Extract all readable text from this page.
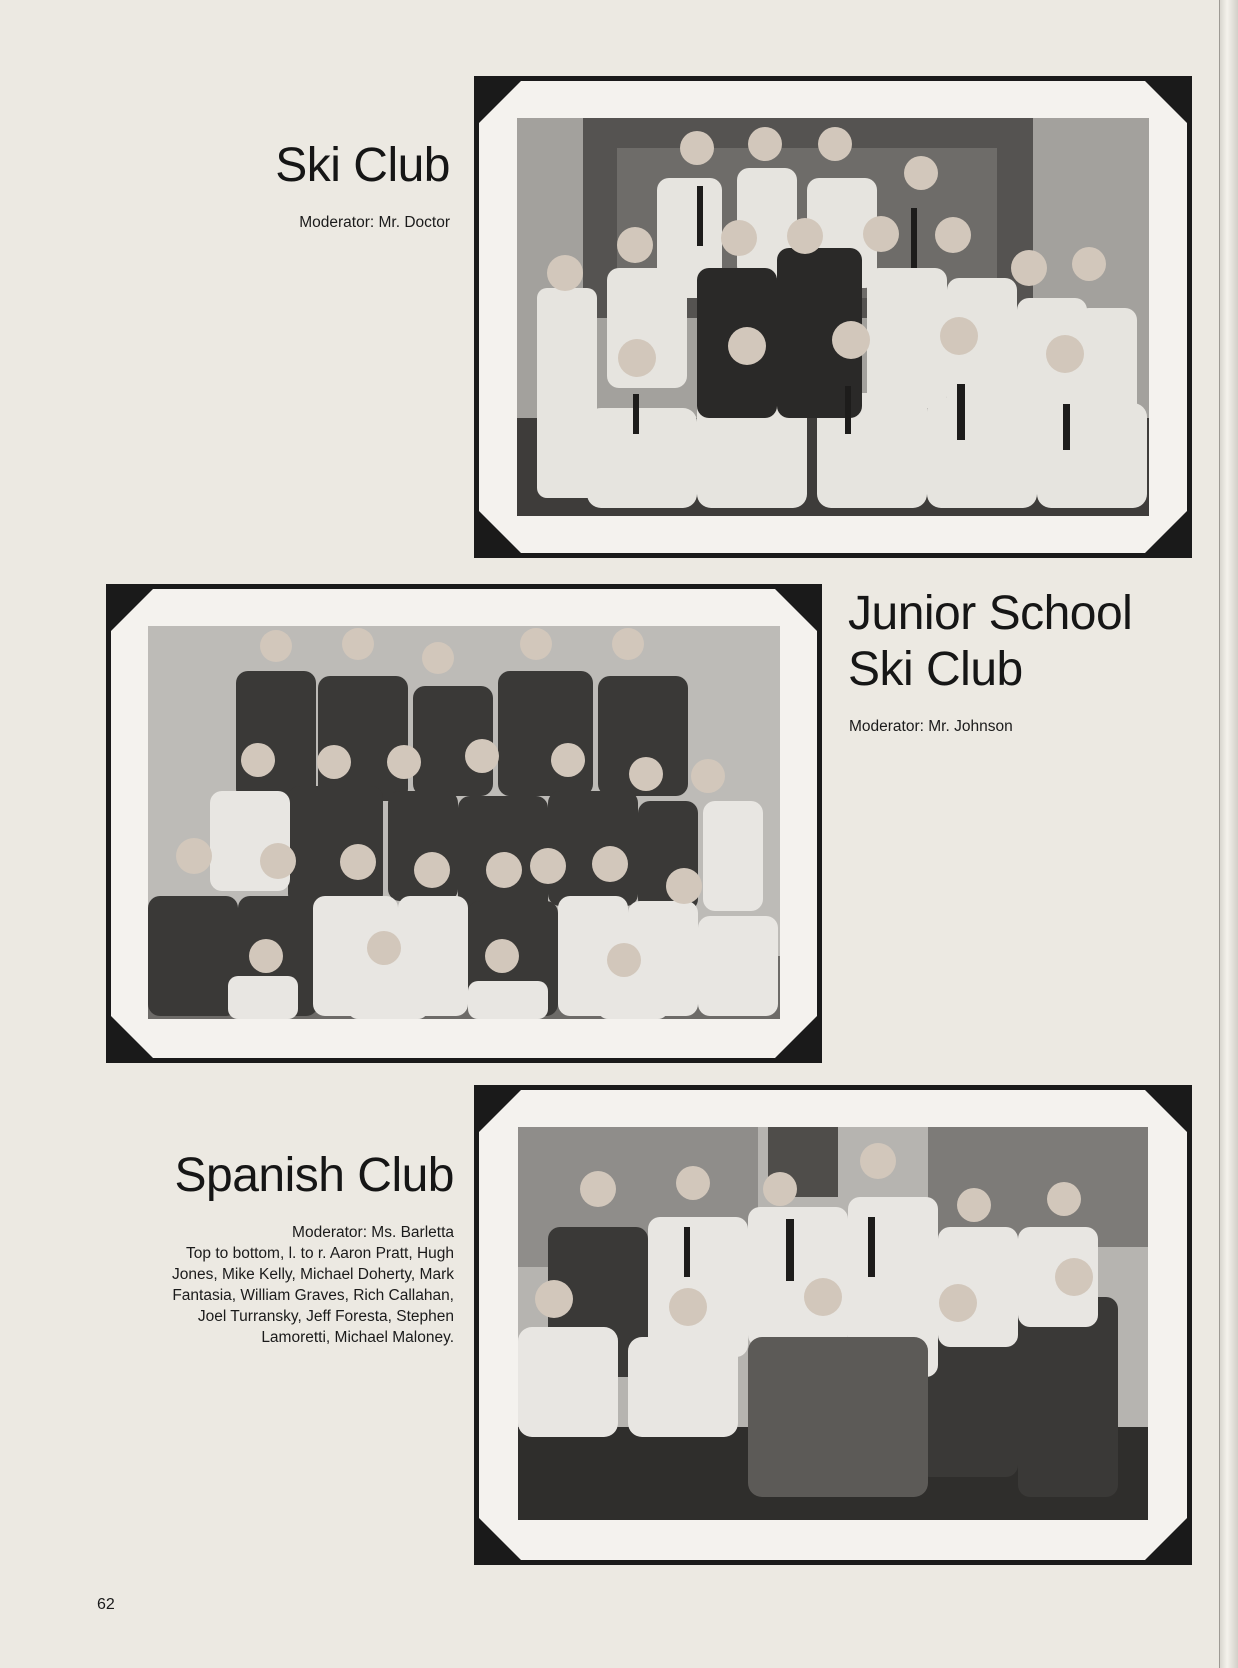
Ski Club

Moderator: Mr. Doctor

Junior School
Ski Club

Moderator: Mr. Johnson

Spanish Club

Moderator: Ms. Barletta

Top to bottom, l. to r. Aaron Pratt, Hugh
Jones, Mike Kelly, Michael Doherty, Mark
Fantasia, William Graves, Rich Callahan,
Joel Turransky, Jeff Foresta, Stephen
Lamoretti, Michael Maloney.
62
